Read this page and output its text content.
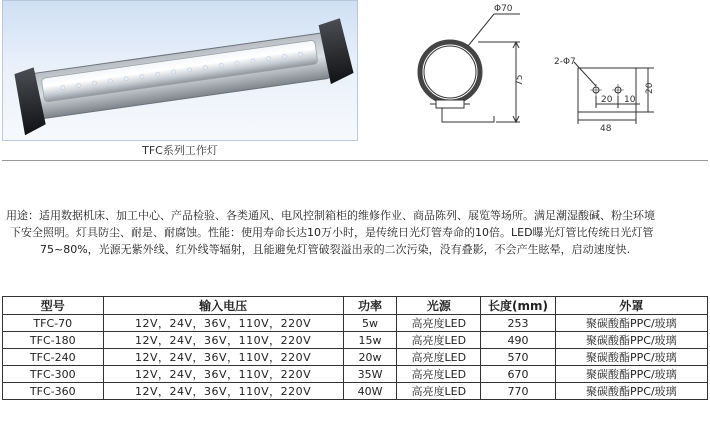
TFC系列工作灯
Φ70
75
2-Φ7
20
20
10
48

用途：适用数据机床、加工中心、产品检验、各类通风、电风控制箱柜的维修作业、商品陈列、展览等场所。满足潮湿酸碱、粉尘环境

下安全照明。灯具防尘、耐是、耐腐蚀。性能：使用寿命长达10万小时，是传统日光灯管寿命的10倍。LED曝光灯管比传统日光灯管

75~80%，光源无紫外线、红外线等辐射，且能避免灯管破裂溢出汞的二次污染，没有叠影，不会产生眩晕，启动速度快.

型号	输入电压	功率	光源	长度(mm)	外罩
TFC-70	12V，24V，36V，110V，220V	5w	高亮度LED	253	聚碳酸酯PPC/玻璃
TFC-180	12V，24V，36V，110V，220V	15w	高亮度LED	490	聚碳酸酯PPC/玻璃
TFC-240	12V，24V，36V，110V，220V	20w	高亮度LED	570	聚碳酸酯PPC/玻璃
TFC-300	12V，24V，36V，110V，220V	35W	高亮度LED	670	聚碳酸酯PPC/玻璃
TFC-360	12V，24V，36V，110V，220V	40W	高亮度LED	770	聚碳酸酯PPC/玻璃
